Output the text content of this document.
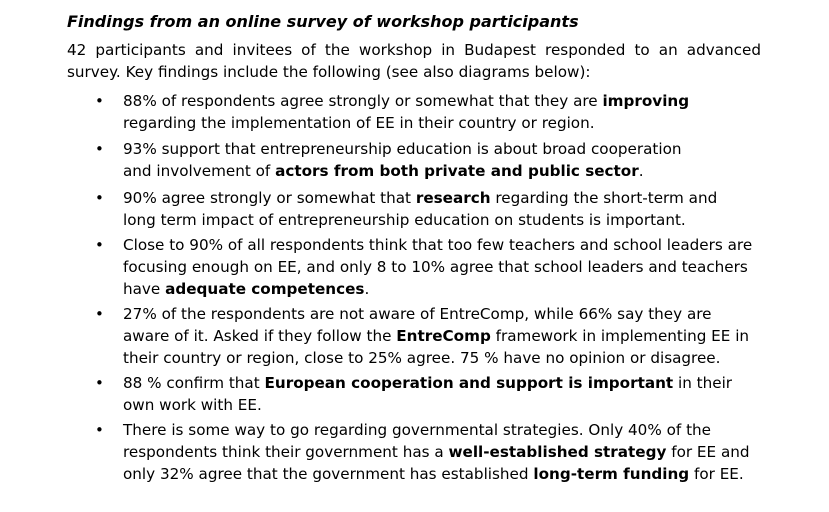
Findings from an online survey of workshop participants
42 participants and invitees of the workshop in Budapest responded to an advanced
survey. Key findings include the following (see also diagrams below):
• 88% of respondents agree strongly or somewhat that they are improving
regarding the implementation of EE in their country or region.
• 93% support that entrepreneurship education is about broad cooperation
and involvement of actors from both private and public sector.
• 90% agree strongly or somewhat that research regarding the short-term and
long term impact of entrepreneurship education on students is important.
• Close to 90% of all respondents think that too few teachers and school leaders are
focusing enough on EE, and only 8 to 10% agree that school leaders and teachers
have adequate competences.
• 27% of the respondents are not aware of EntreComp, while 66% say they are
aware of it. Asked if they follow the EntreComp framework in implementing EE in
their country or region, close to 25% agree. 75 % have no opinion or disagree.
• 88 % confirm that European cooperation and support is important in their
own work with EE.
• There is some way to go regarding governmental strategies. Only 40% of the
respondents think their government has a well-established strategy for EE and
only 32% agree that the government has established long-term funding for EE.
